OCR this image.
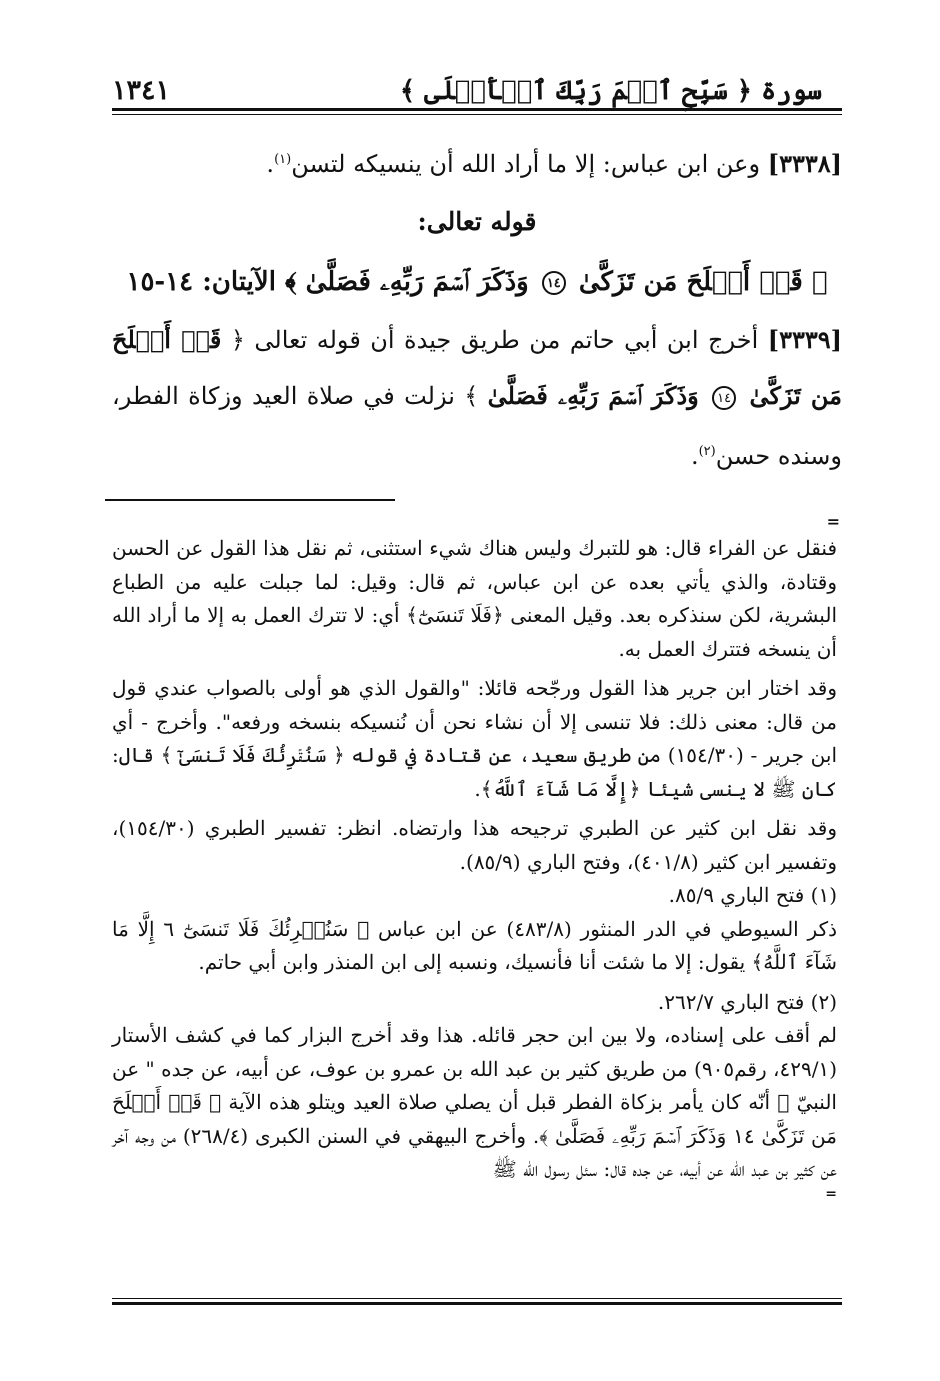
سورة ﴿ سَبِّحِ ٱسۡمَ رَبِّكَ ٱلۡأَعۡلَى ﴾
١٣٤١

[٣٣٣٨] وعن ابن عباس: إلا ما أراد الله أن ينسيكه لتسن$^{(١)}$.

قوله تعالى:

﴿ قَدۡ أَفۡلَحَ مَن تَزَكَّىٰ ١٤ وَذَكَرَ ٱسۡمَ رَبِّهِۦ فَصَلَّىٰ ﴾ الآيتان: ١٤-١٥

[٣٣٣٩] أخرج ابن أبي حاتم من طريق جيدة أن قوله تعالى ﴿ قَدۡ أَفۡلَحَ مَن تَزَكَّىٰ ١٤ وَذَكَرَ ٱسۡمَ رَبِّهِۦ فَصَلَّىٰ ﴾ نزلت في صلاة العيد وزكاة الفطر، وسنده حسن$^{(٢)}$.

=

فنقل عن الفراء قال: هو للتبرك وليس هناك شيء استثنى، ثم نقل هذا القول عن الحسن وقتادة، والذي يأتي بعده عن ابن عباس، ثم قال: وقيل: لما جبلت عليه من الطباع البشرية، لكن سنذكره بعد. وقيل المعنى ﴿فَلَا تَنسَىٰٓ﴾ أي: لا تترك العمل به إلا ما أراد الله أن ينسخه فتترك العمل به.

وقد اختار ابن جرير هذا القول ورجّحه قائلا: "والقول الذي هو أولى بالصواب عندي قول من قال: معنى ذلك: فلا تنسى إلا أن نشاء نحن أن نُنسيكه بنسخه ورفعه". وأخرج - أي ابن جرير - (١٥٤/٣٠) من طريق سعيد، عن قتادة في قوله ﴿ سَنُقۡرِئُكَ فَلَا تَنسَىٰٓ ﴾ قال: كان ﷺ لا ينسى شيئا ﴿إِلَّا مَا شَآءَ ٱللَّهُ﴾.

وقد نقل ابن كثير عن الطبري ترجيحه هذا وارتضاه. انظر: تفسير الطبري (١٥٤/٣٠)، وتفسير ابن كثير (٤٠١/٨)، وفتح الباري (٨٥/٩).

(١) فتح الباري ٨٥/٩.

ذكر السيوطي في الدر المنثور (٤٨٣/٨) عن ابن عباس ﴿ سَنُقۡرِئُكَ فَلَا تَنسَىٰٓ ٦ إِلَّا مَا شَآءَ ٱللَّهُ﴾ يقول: إلا ما شئت أنا فأنسيك، ونسبه إلى ابن المنذر وابن أبي حاتم.

(٢) فتح الباري ٢٦٢/٧.

لم أقف على إسناده، ولا بين ابن حجر قائله. هذا وقد أخرج البزار كما في كشف الأستار (٤٢٩/١، رقم٩٠٥) من طريق كثير بن عبد الله بن عمرو بن عوف، عن أبيه، عن جده " عن النبيّ ﷺ أنّه كان يأمر بزكاة الفطر قبل أن يصلي صلاة العيد ويتلو هذه الآية ﴿ قَدۡ أَفۡلَحَ مَن تَزَكَّىٰ ١٤ وَذَكَرَ ٱسۡمَ رَبِّهِۦ فَصَلَّىٰ ﴾. وأخرج البيهقي في السنن الكبرى (٢٦٨/٤) من وجه آخر عن كثير بن عبد الله عن أبيه، عن جده قال: سئل رسول الله ﷺ

=
